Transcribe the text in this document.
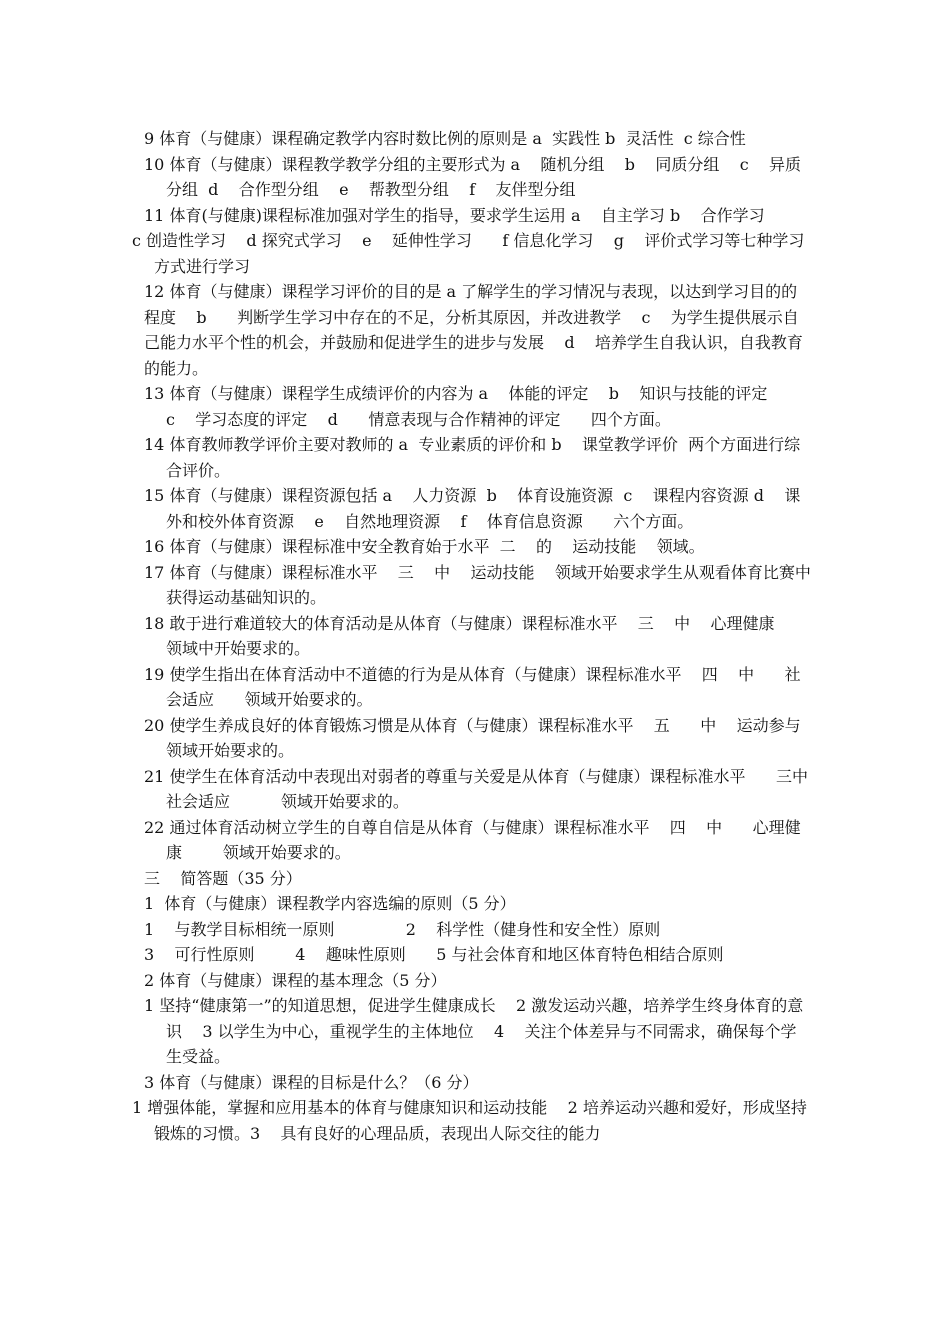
9 体育（与健康）课程确定教学内容时数比例的原则是 a  实践性 b  灵活性  c 综合性

10 体育（与健康）课程教学教学分组的主要形式为 a    随机分组    b    同质分组    c    异质分组  d    合作型分组    e    帮教型分组    f    友伴型分组

11 体育(与健康)课程标准加强对学生的指导，要求学生运用 a    自主学习 b    合作学习

c 创造性学习    d 探究式学习    e    延伸性学习      f 信息化学习    g    评价式学习等七种学习方式进行学习

12 体育（与健康）课程学习评价的目的是 a 了解学生的学习情况与表现，以达到学习目的的程度    b      判断学生学习中存在的不足，分析其原因，并改进教学    c    为学生提供展示自己能力水平个性的机会，并鼓励和促进学生的进步与发展    d    培养学生自我认识，自我教育的能力。

13 体育（与健康）课程学生成绩评价的内容为 a    体能的评定    b    知识与技能的评定

c    学习态度的评定    d      情意表现与合作精神的评定      四个方面。

14 体育教师教学评价主要对教师的 a  专业素质的评价和 b    课堂教学评价  两个方面进行综合评价。

15 体育（与健康）课程资源包括 a    人力资源  b    体育设施资源  c    课程内容资源 d    课外和校外体育资源    e    自然地理资源    f    体育信息资源      六个方面。

16 体育（与健康）课程标准中安全教育始于水平  二    的    运动技能    领域。

17 体育（与健康）课程标准水平    三    中    运动技能    领域开始要求学生从观看体育比赛中获得运动基础知识的。

18 敢于进行难道较大的体育活动是从体育（与健康）课程标准水平    三    中    心理健康      领域中开始要求的。

19 使学生指出在体育活动中不道德的行为是从体育（与健康）课程标准水平    四    中      社会适应      领域开始要求的。

20 使学生养成良好的体育锻炼习惯是从体育（与健康）课程标准水平    五      中    运动参与    领域开始要求的。

21 使学生在体育活动中表现出对弱者的尊重与关爱是从体育（与健康）课程标准水平      三中      社会适应          领域开始要求的。

22 通过体育活动树立学生的自尊自信是从体育（与健康）课程标准水平    四    中      心理健康        领域开始要求的。

三    简答题（35 分）

1  体育（与健康）课程教学内容选编的原则（5 分）

1    与教学目标相统一原则              2    科学性（健身性和安全性）原则

3    可行性原则        4    趣味性原则      5 与社会体育和地区体育特色相结合原则

2 体育（与健康）课程的基本理念（5 分）

1 坚持“健康第一”的知道思想，促进学生健康成长    2 激发运动兴趣，培养学生终身体育的意识    3 以学生为中心，重视学生的主体地位    4    关注个体差异与不同需求，确保每个学生受益。

3 体育（与健康）课程的目标是什么？（6 分）

1 增强体能，掌握和应用基本的体育与健康知识和运动技能    2 培养运动兴趣和爱好，形成坚持锻炼的习惯。3    具有良好的心理品质，表现出人际交往的能力
